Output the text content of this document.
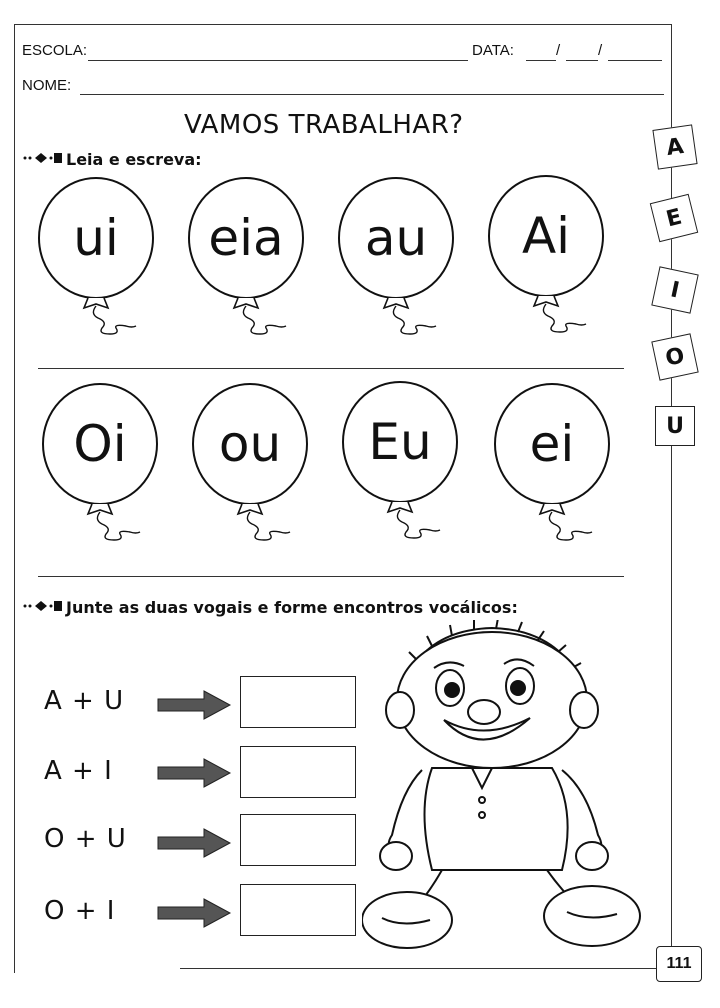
ESCOLA:	DATA:	/	/
NOME:
VAMOS TRABALHAR?
Leia e escreva:
ui	eia	au	Ai
Oi	ou	Eu	ei
A
E
I
O
U
Junte as duas vogais e forme encontros vocálicos:
A + U
A + I
O + U
O + I
111
